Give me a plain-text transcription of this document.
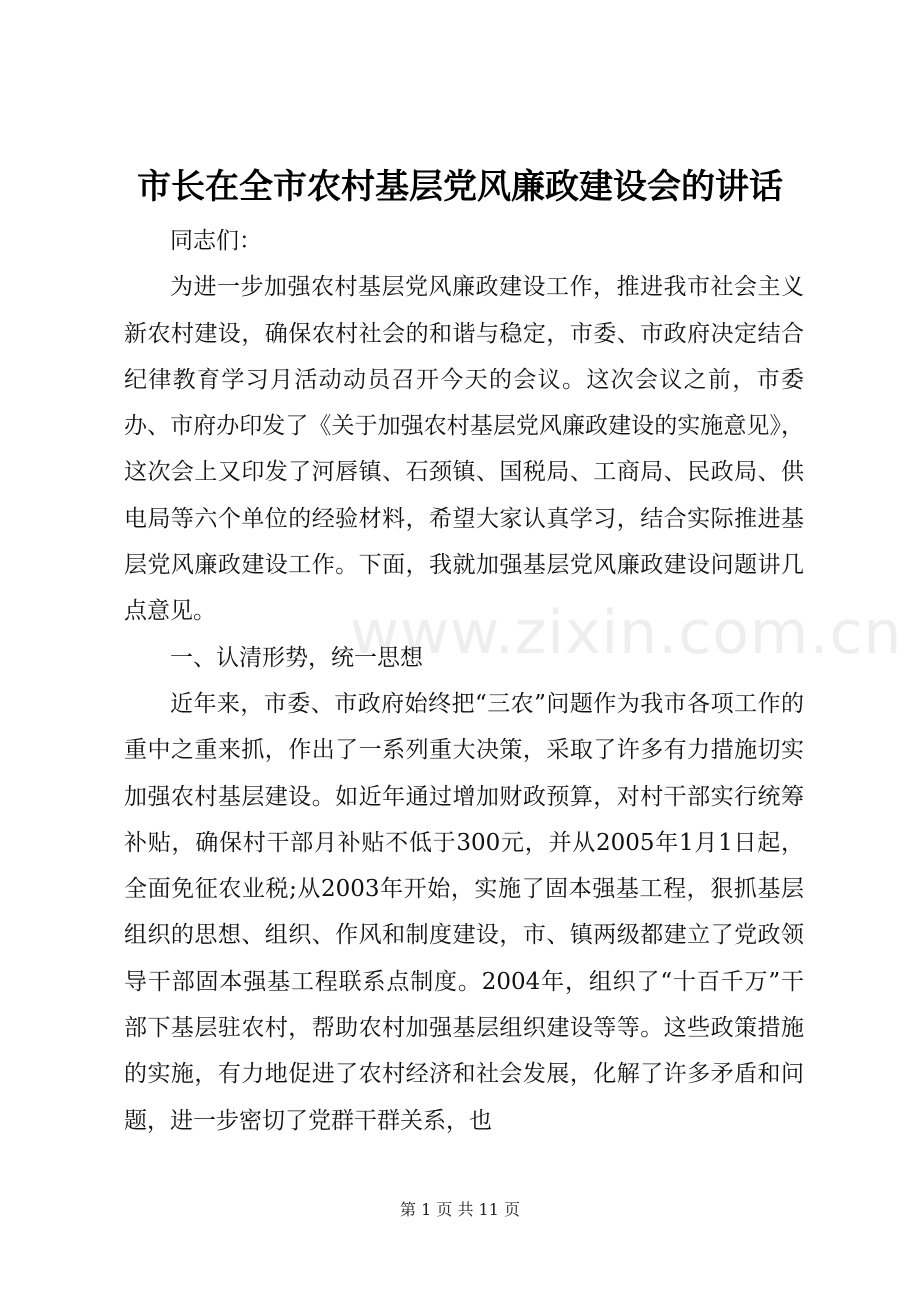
市长在全市农村基层党风廉政建设会的讲话

同志们：

为进一步加强农村基层党风廉政建设工作，推进我市社会主义新农村建设，确保农村社会的和谐与稳定，市委、市政府决定结合纪律教育学习月活动动员召开今天的会议。这次会议之前，市委办、市府办印发了《关于加强农村基层党风廉政建设的实施意见》，这次会上又印发了河唇镇、石颈镇、国税局、工商局、民政局、供电局等六个单位的经验材料，希望大家认真学习，结合实际推进基层党风廉政建设工作。下面，我就加强基层党风廉政建设问题讲几点意见。

一、认清形势，统一思想

近年来，市委、市政府始终把“三农”问题作为我市各项工作的重中之重来抓，作出了一系列重大决策，采取了许多有力措施切实加强农村基层建设。如近年通过增加财政预算，对村干部实行统筹补贴，确保村干部月补贴不低于300元，并从2005年1月1日起，全面免征农业税;从2003年开始，实施了固本强基工程，狠抓基层组织的思想、组织、作风和制度建设，市、镇两级都建立了党政领导干部固本强基工程联系点制度。2004年，组织了“十百千万”干部下基层驻农村，帮助农村加强基层组织建设等等。这些政策措施的实施，有力地促进了农村经济和社会发展，化解了许多矛盾和问题，进一步密切了党群干群关系，也

www.zixin.com.cn
第 1 页 共 11 页
